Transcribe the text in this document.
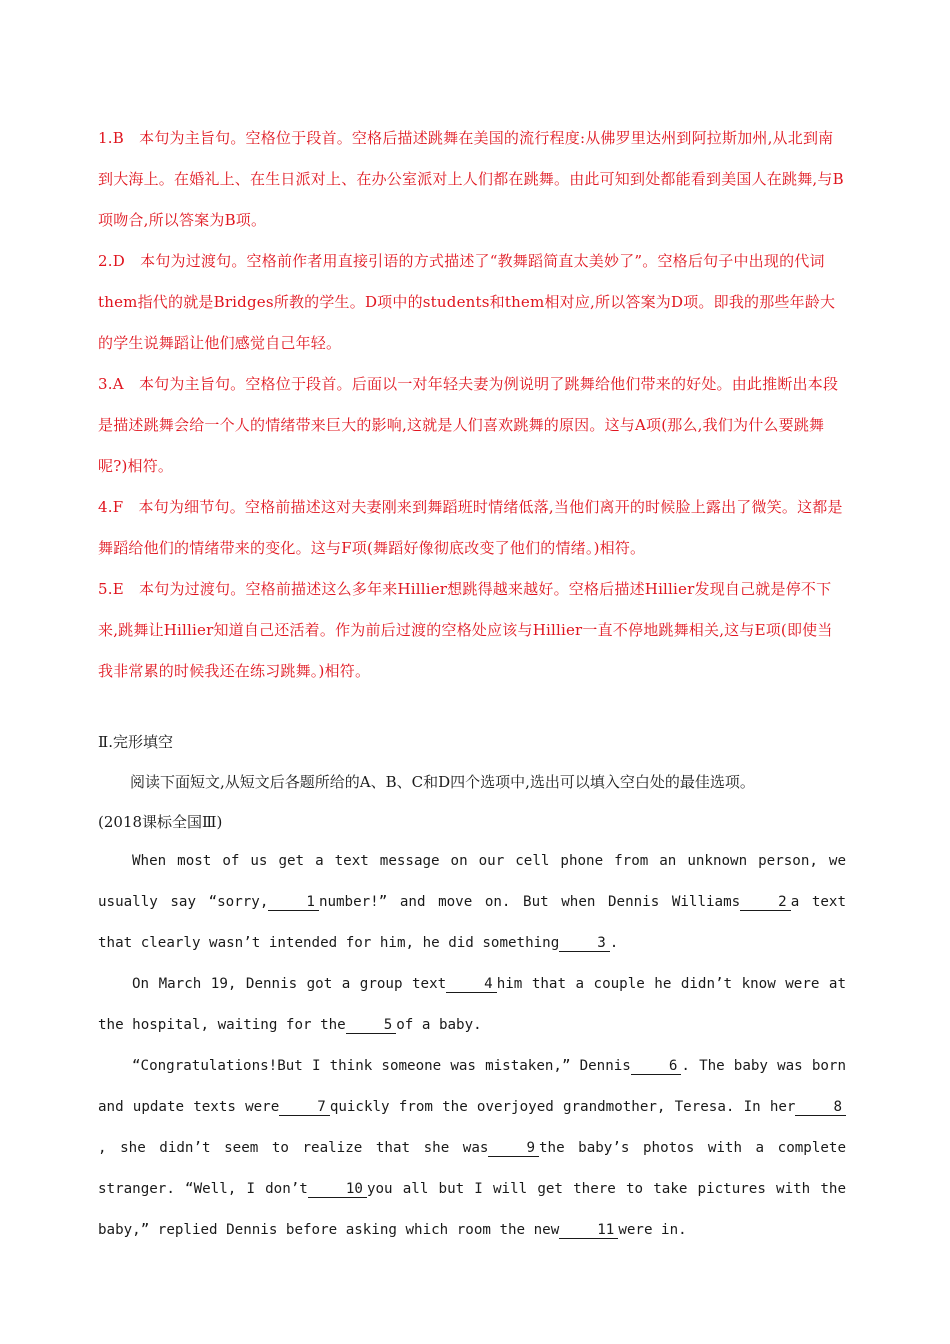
1.B　本句为主旨句。空格位于段首。空格后描述跳舞在美国的流行程度:从佛罗里达州到阿拉斯加州,从北到南到大海上。在婚礼上、在生日派对上、在办公室派对上人们都在跳舞。由此可知到处都能看到美国人在跳舞,与B项吻合,所以答案为B项。

2.D　本句为过渡句。空格前作者用直接引语的方式描述了“教舞蹈简直太美妙了”。空格后句子中出现的代词them指代的就是Bridges所教的学生。D项中的students和them相对应,所以答案为D项。即我的那些年龄大的学生说舞蹈让他们感觉自己年轻。

3.A　本句为主旨句。空格位于段首。后面以一对年轻夫妻为例说明了跳舞给他们带来的好处。由此推断出本段是描述跳舞会给一个人的情绪带来巨大的影响,这就是人们喜欢跳舞的原因。这与A项(那么,我们为什么要跳舞呢?)相符。

4.F　本句为细节句。空格前描述这对夫妻刚来到舞蹈班时情绪低落,当他们离开的时候脸上露出了微笑。这都是舞蹈给他们的情绪带来的变化。这与F项(舞蹈好像彻底改变了他们的情绪。)相符。

5.E　本句为过渡句。空格前描述这么多年来Hillier想跳得越来越好。空格后描述Hillier发现自己就是停不下来,跳舞让Hillier知道自己还活着。作为前后过渡的空格处应该与Hillier一直不停地跳舞相关,这与E项(即使当我非常累的时候我还在练习跳舞。)相符。

Ⅱ.完形填空

阅读下面短文,从短文后各题所给的A、B、C和D四个选项中,选出可以填入空白处的最佳选项。

(2018课标全国Ⅲ)

When most of us get a text message on our cell phone from an unknown person, we usually say “sorry,	1 number!” and move on. But when Dennis Williams	2 a text that clearly wasn’t intended for him, he did something	3 .

On March 19, Dennis got a group text	4 him that a couple he didn’t know were at the hospital, waiting for the	5 of a baby.

“Congratulations!But I think someone was mistaken,” Dennis	6 . The baby was born and update texts were	7 quickly from the overjoyed grandmother, Teresa. In her	8, she didn’t seem to realize that she was	9 the baby’s photos with a complete stranger. “Well, I don’t	10 you all but I will get there to take pictures with the baby,” replied Dennis before asking which room the new	11 were in.
